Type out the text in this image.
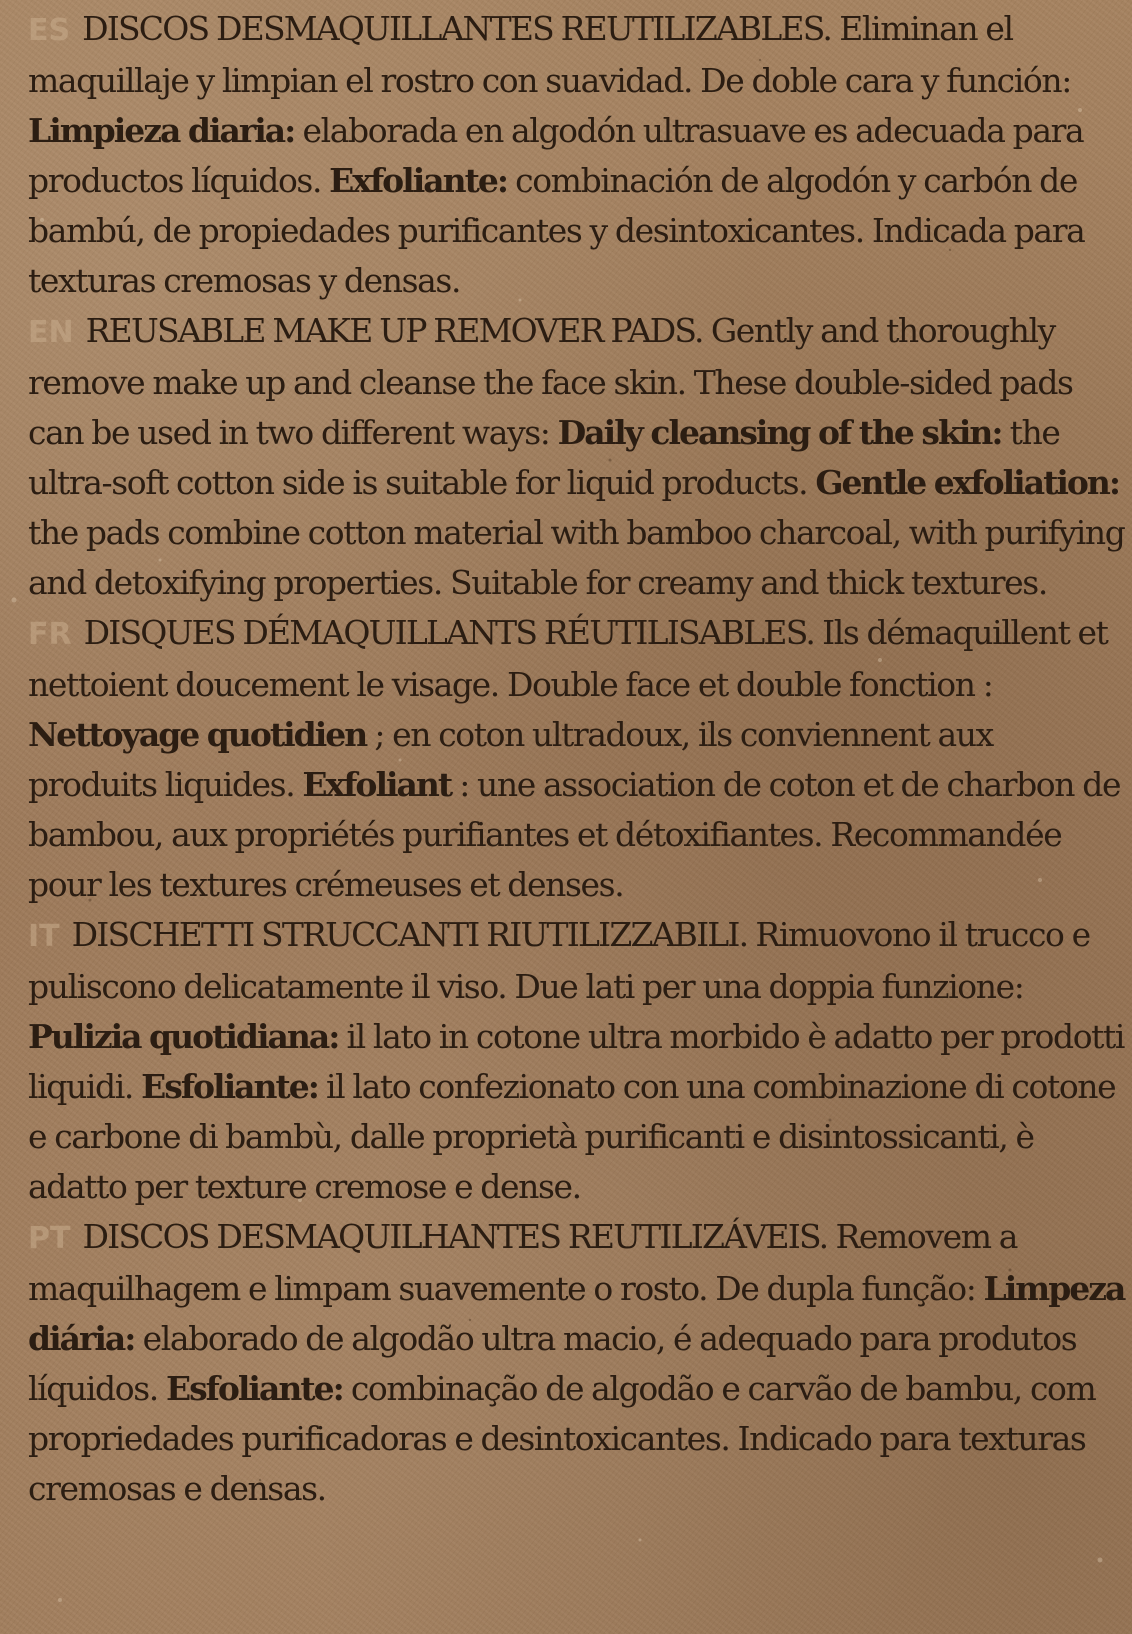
ES DISCOS DESMAQUILLANTES REUTILIZABLES. Eliminan el maquillaje y limpian el rostro con suavidad. De doble cara y función: Limpieza diaria: elaborada en algodón ultrasuave es adecuada para productos líquidos. Exfoliante: combinación de algodón y carbón de bambú, de propiedades purificantes y desintoxicantes. Indicada para texturas cremosas y densas.

EN REUSABLE MAKE UP REMOVER PADS. Gently and thoroughly remove make up and cleanse the face skin. These double-sided pads can be used in two different ways: Daily cleansing of the skin: the ultra-soft cotton side is suitable for liquid products. Gentle exfoliation: the pads combine cotton material with bamboo charcoal, with purifying and detoxifying properties. Suitable for creamy and thick textures.

FR DISQUES DÉMAQUILLANTS RÉUTILISABLES. Ils démaquillent et nettoient doucement le visage. Double face et double fonction : Nettoyage quotidien ; en coton ultradoux, ils conviennent aux produits liquides. Exfoliant : une association de coton et de charbon de bambou, aux propriétés purifiantes et détoxifiantes. Recommandée pour les textures crémeuses et denses.

IT DISCHETTI STRUCCANTI RIUTILIZZABILI. Rimuovono il trucco e puliscono delicatamente il viso. Due lati per una doppia funzione: Pulizia quotidiana: il lato in cotone ultra morbido è adatto per prodotti liquidi. Esfoliante: il lato confezionato con una combinazione di cotone e carbone di bambù, dalle proprietà purificanti e disintossicanti, è adatto per texture cremose e dense.

PT DISCOS DESMAQUILHANTES REUTILIZÁVEIS. Removem a maquilhagem e limpam suavemente o rosto. De dupla função: Limpeza diária: elaborado de algodão ultra macio, é adequado para produtos líquidos. Esfoliante: combinação de algodão e carvão de bambu, com propriedades purificadoras e desintoxicantes. Indicado para texturas cremosas e densas.
